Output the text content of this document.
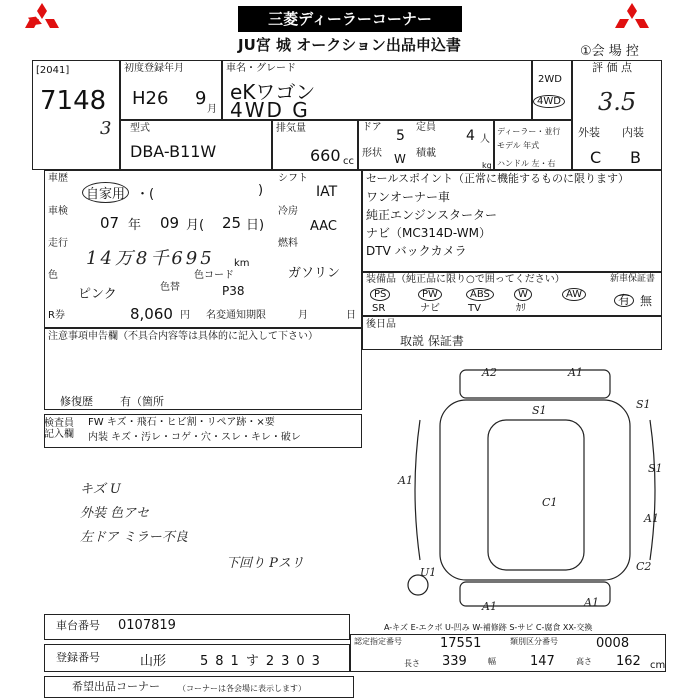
三菱ディーラーコーナー
JU宮 城 オークション出品申込書	①会 場 控
[2041]
7148
3
初度登録年月
H26 9
月
車名・グレード
eKワゴン
4WD G
2WD
4WD
評 価 点
3.5
外装 内装
C B
型式
DBA-B11W
排気量
660 cc
ドア
5
定員
4 人
形状 W 積載
kg
ディーラー・並行
モデル 年式
ハンドル 左・右
車歴
自家用 ・(	)
シフト
IAT
車検
07 年 09 月( 25 日)
冷房
AAC
走行
14万8千695 km
燃料
ガソリン
色
ピンク	色替
色コード
P38
R券	8,060 円 名変通知期限	月	日
セールスポイント（正常に機能するものに限ります）
ワンオーナー車
純正エンジンスターター
ナビ（MC314D-WM）
DTV バックカメラ
装備品（純正品に限り○で囲ってください）	新車保証書
PS	PW	ABS	W	AW
SR	ナビ	TV	ｶﾘ
有 無
後日品
取説 保証書
注意事項申告欄（不具合内容等は具体的に記入して下さい）
修復歴 有（箇所
検査員 記入欄
FW キズ・飛石・ヒビ割・リペア跡・×要
内装 キズ・汚レ・コゲ・穴・スレ・キレ・破レ
キズ U
外装 色アセ
左ドア ミラー不良
下回り Pスリ
A2	A1
S1	S1
A1
S1
A1
C1
U1	C2
A1	A1
A-キズ E-エクボ U-凹み W-補修跡 S-サビ C-腐食 XX-交換
車台番号 0107819
登録番号	山形	581す2303
認定指定番号	17551	類別区分番号	0008
長さ 339	幅	147	高さ 162 cm
希望出品コーナー （コーナーは各会場に表示します）
